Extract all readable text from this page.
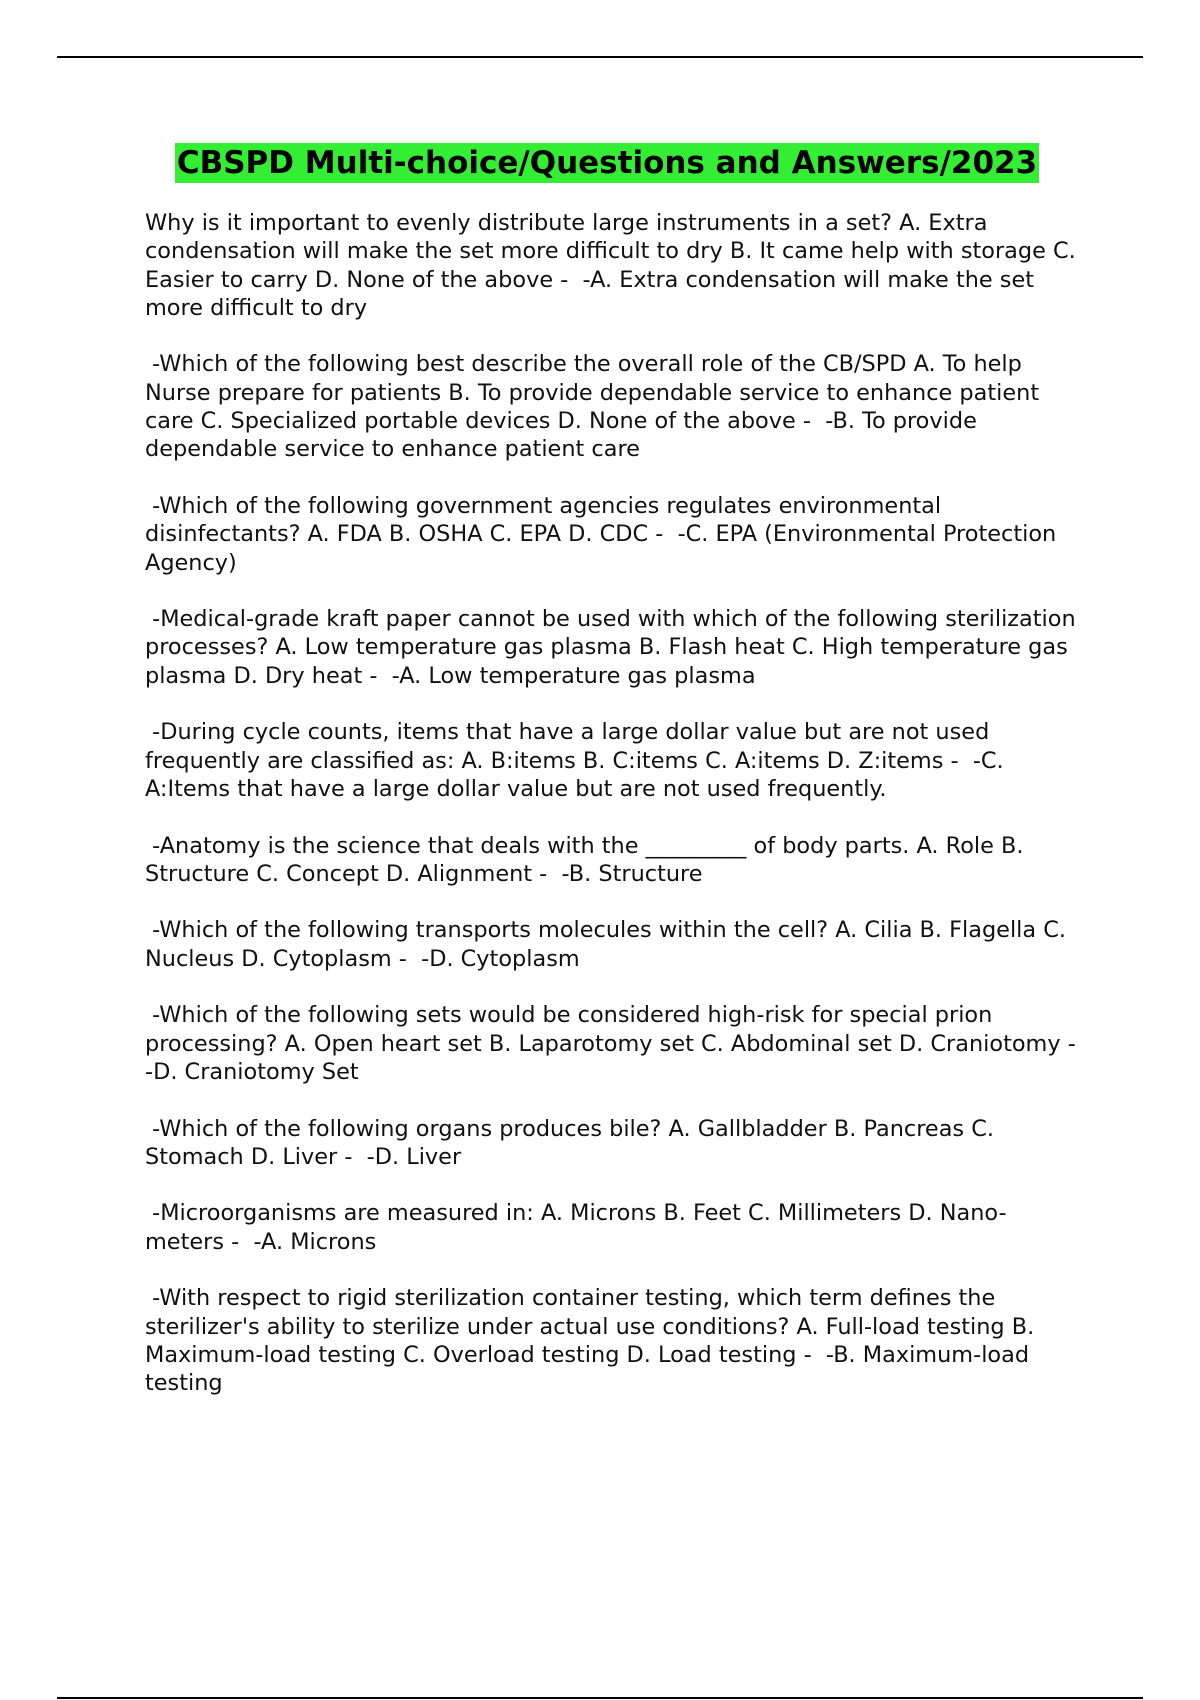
CBSPD Multi-choice/Questions and Answers/2023

Why is it important to evenly distribute large instruments in a set? A. Extra condensation will make the set more difficult to dry B. It came help with storage C. Easier to carry D. None of the above -  -A. Extra condensation will make the set more difficult to dry

-Which of the following best describe the overall role of the CB/SPD A. To help Nurse prepare for patients B. To provide dependable service to enhance patient care C. Specialized portable devices D. None of the above -  -B. To provide dependable service to enhance patient care

-Which of the following government agencies regulates environmental disinfectants? A. FDA B. OSHA C. EPA D. CDC -  -C. EPA (Environmental Protection Agency)

-Medical-grade kraft paper cannot be used with which of the following sterilization processes? A. Low temperature gas plasma B. Flash heat C. High temperature gas plasma D. Dry heat -  -A. Low temperature gas plasma

-During cycle counts, items that have a large dollar value but are not used frequently are classified as: A. B:items B. C:items C. A:items D. Z:items -  -C. A:Items that have a large dollar value but are not used frequently.

-Anatomy is the science that deals with the _________ of body parts. A. Role B. Structure C. Concept D. Alignment -  -B. Structure

-Which of the following transports molecules within the cell? A. Cilia B. Flagella C. Nucleus D. Cytoplasm -  -D. Cytoplasm

-Which of the following sets would be considered high-risk for special prion processing? A. Open heart set B. Laparotomy set C. Abdominal set D. Craniotomy -  -D. Craniotomy Set

-Which of the following organs produces bile? A. Gallbladder B. Pancreas C. Stomach D. Liver -  -D. Liver

-Microorganisms are measured in: A. Microns B. Feet C. Millimeters D. Nano-meters -  -A. Microns

-With respect to rigid sterilization container testing, which term defines the sterilizer's ability to sterilize under actual use conditions? A. Full-load testing B. Maximum-load testing C. Overload testing D. Load testing -  -B. Maximum-load testing
